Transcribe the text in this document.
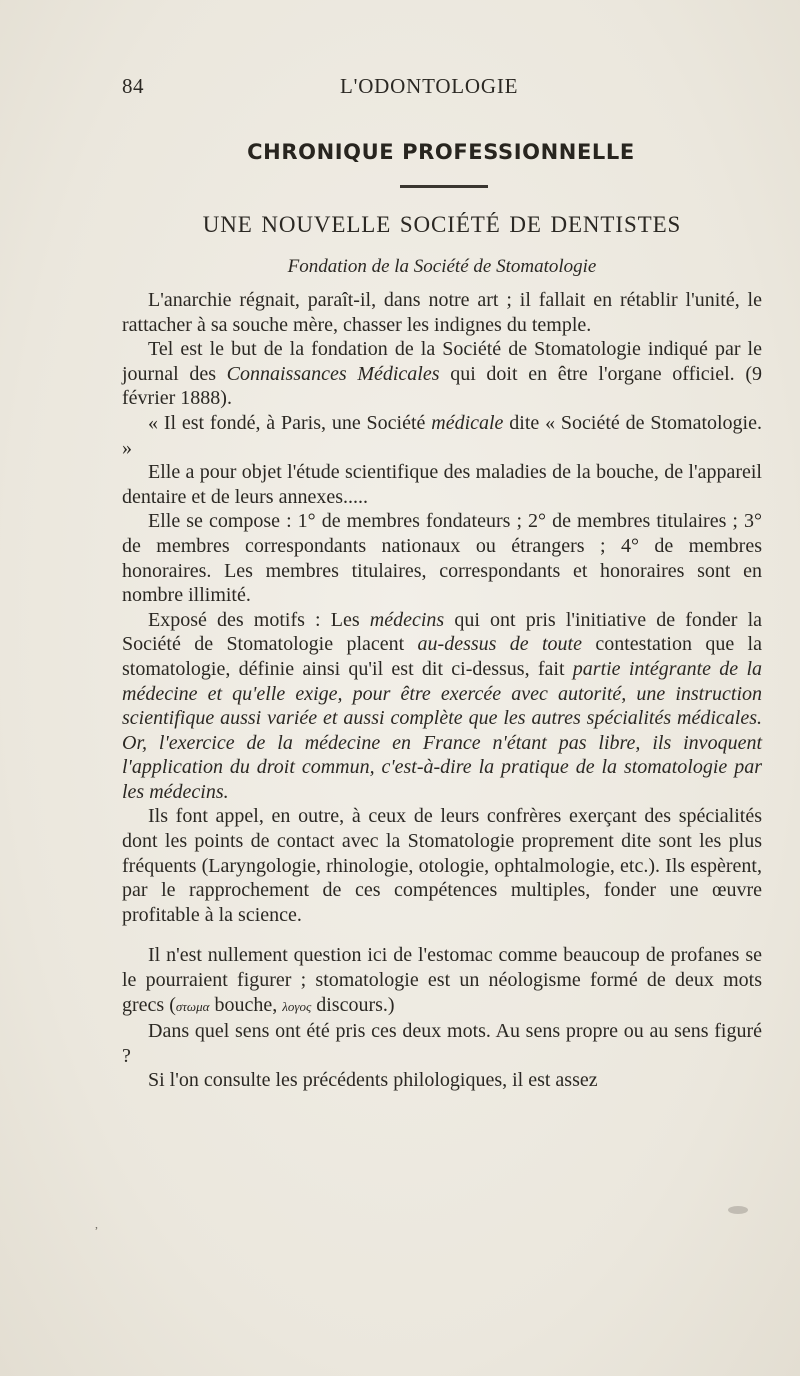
84	L'ODONTOLOGIE
CHRONIQUE PROFESSIONNELLE
UNE NOUVELLE SOCIÉTÉ DE DENTISTES
Fondation de la Société de Stomatologie

L'anarchie régnait, paraît-il, dans notre art ; il fallait en rétablir l'unité, le rattacher à sa souche mère, chasser les indignes du temple.

Tel est le but de la fondation de la Société de Stomatologie indiqué par le journal des Connaissances Médicales qui doit en être l'organe officiel. (9 février 1888).

« Il est fondé, à Paris, une Société médicale dite « Société de Stomatologie. »

Elle a pour objet l'étude scientifique des maladies de la bouche, de l'appareil dentaire et de leurs annexes.....

Elle se compose : 1° de membres fondateurs ; 2° de membres titulaires ; 3° de membres correspondants nationaux ou étrangers ; 4° de membres honoraires. Les membres titulaires, correspondants et honoraires sont en nombre illimité.

Exposé des motifs : Les médecins qui ont pris l'initiative de fonder la Société de Stomatologie placent au-dessus de toute contestation que la stomatologie, définie ainsi qu'il est dit ci-dessus, fait partie intégrante de la médecine et qu'elle exige, pour être exercée avec autorité, une instruction scientifique aussi variée et aussi complète que les autres spécialités médicales. Or, l'exercice de la médecine en France n'étant pas libre, ils invoquent l'application du droit commun, c'est-à-dire la pratique de la stomatologie par les médecins.

Ils font appel, en outre, à ceux de leurs confrères exerçant des spécialités dont les points de contact avec la Stomatologie proprement dite sont les plus fréquents (Laryngologie, rhinologie, otologie, ophtalmologie, etc.). Ils espèrent, par le rapprochement de ces compétences multiples, fonder une œuvre profitable à la science.

Il n'est nullement question ici de l'estomac comme beaucoup de profanes se le pourraient figurer ; stomatologie est un néologisme formé de deux mots grecs (στωμα bouche, λογος discours.)

Dans quel sens ont été pris ces deux mots. Au sens propre ou au sens figuré ?

Si l'on consulte les précédents philologiques, il est assez

,
